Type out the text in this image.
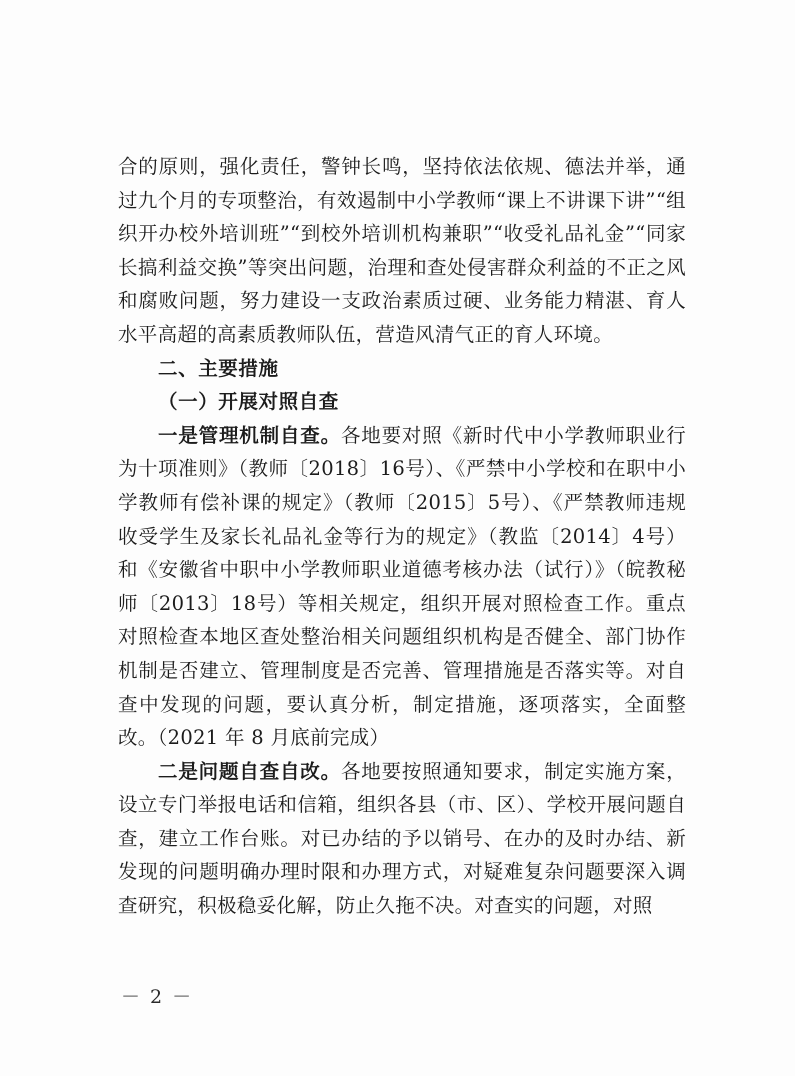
合的原则，强化责任，警钟长鸣，坚持依法依规、德法并举，通过九个月的专项整治，有效遏制中小学教师“课上不讲课下讲”“组织开办校外培训班”“到校外培训机构兼职”“收受礼品礼金”“同家长搞利益交换”等突出问题，治理和查处侵害群众利益的不正之风和腐败问题，努力建设一支政治素质过硬、业务能力精湛、育人水平高超的高素质教师队伍，营造风清气正的育人环境。

二、主要措施

（一）开展对照自查

一是管理机制自查。各地要对照《新时代中小学教师职业行为十项准则》（教师〔2018〕16号）、《严禁中小学校和在职中小学教师有偿补课的规定》（教师〔2015〕5号）、《严禁教师违规收受学生及家长礼品礼金等行为的规定》（教监〔2014〕4号）和《安徽省中职中小学教师职业道德考核办法（试行）》（皖教秘师〔2013〕18号）等相关规定，组织开展对照检查工作。重点对照检查本地区查处整治相关问题组织机构是否健全、部门协作机制是否建立、管理制度是否完善、管理措施是否落实等。对自查中发现的问题，要认真分析，制定措施，逐项落实，全面整改。（2021 年 8 月底前完成）

二是问题自查自改。各地要按照通知要求，制定实施方案，设立专门举报电话和信箱，组织各县（市、区）、学校开展问题自查，建立工作台账。对已办结的予以销号、在办的及时办结、新发现的问题明确办理时限和办理方式，对疑难复杂问题要深入调查研究，积极稳妥化解，防止久拖不决。对查实的问题，对照

－ 2 －
